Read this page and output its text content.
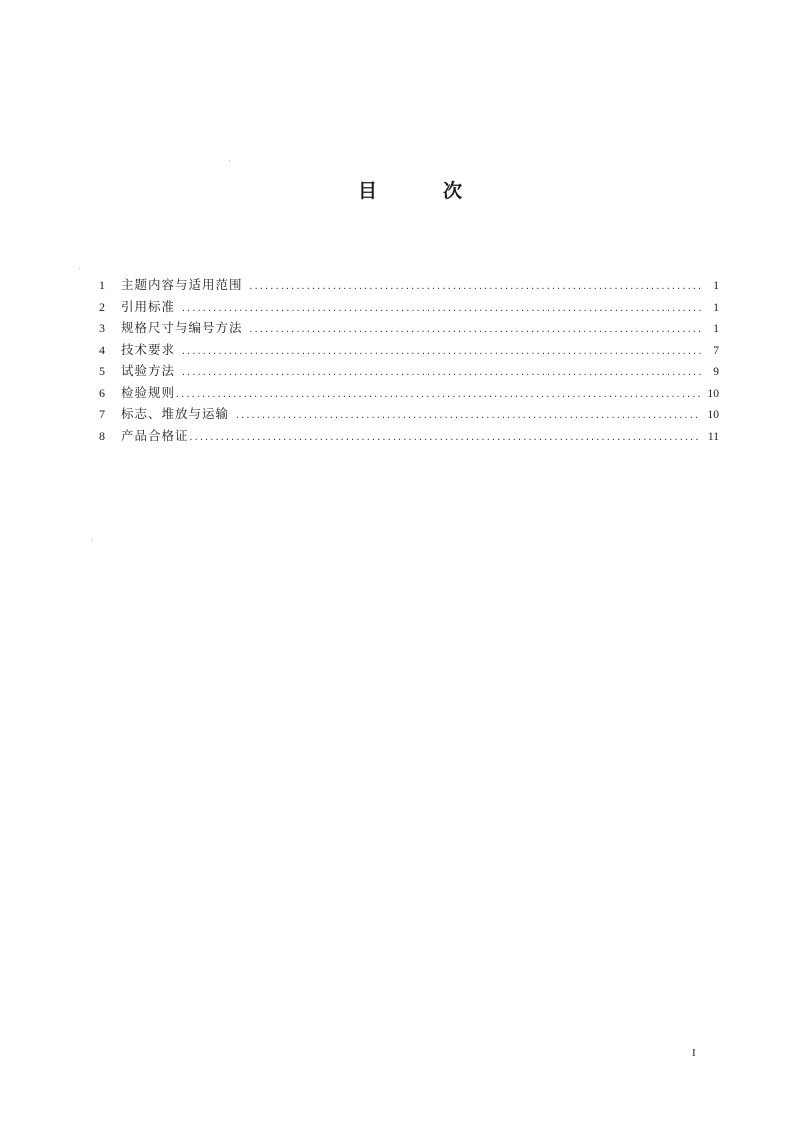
目	次
1	主题内容与适用范围 .....	1
2	引用标准 .....	1
3	规格尺寸与编号方法 .....	1
4	技术要求 .....	7
5	试验方法 .....	9
6	检验规则 .....	10
7	标志、堆放与运输 .....	10
8	产品合格证 .....	11
I
